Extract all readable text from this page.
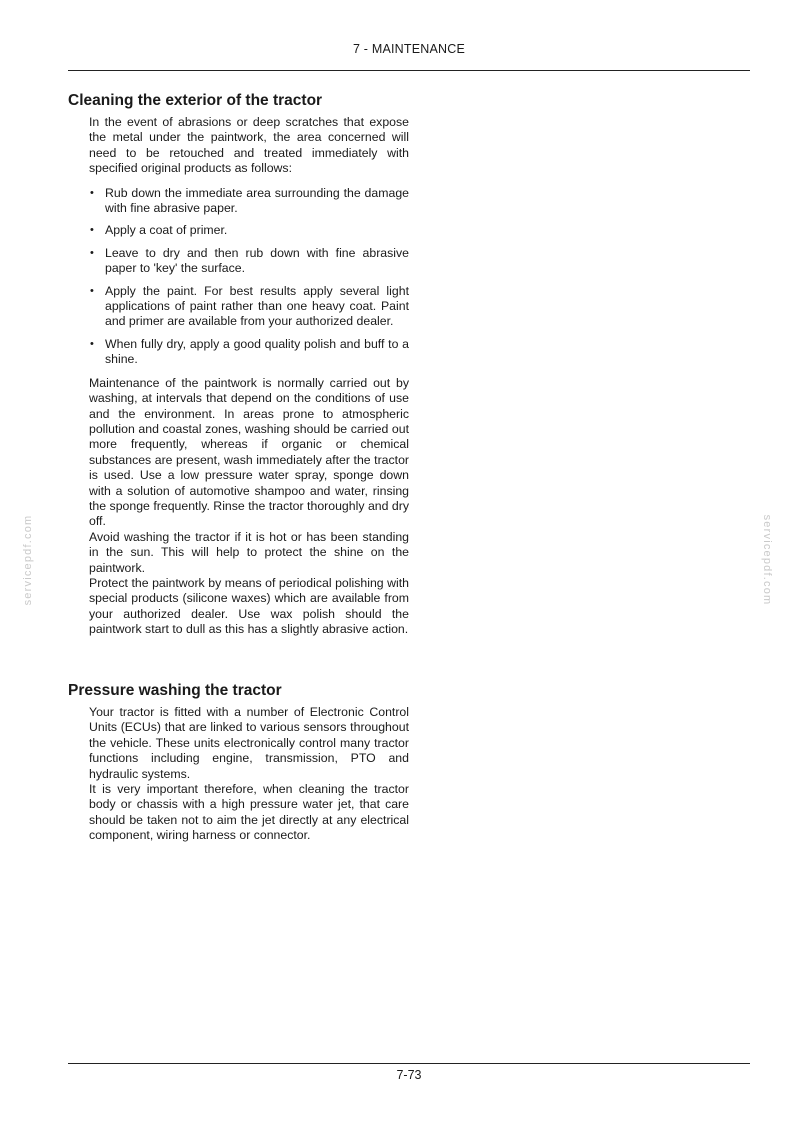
7 - MAINTENANCE
Cleaning the exterior of the tractor

In the event of abrasions or deep scratches that expose the metal under the paintwork, the area concerned will need to be retouched and treated immediately with specified original products as follows:

• Rub down the immediate area surrounding the damage with fine abrasive paper.
• Apply a coat of primer.
• Leave to dry and then rub down with fine abrasive paper to 'key' the surface.
• Apply the paint. For best results apply several light applications of paint rather than one heavy coat. Paint and primer are available from your authorized dealer.
• When fully dry, apply a good quality polish and buff to a shine.

Maintenance of the paintwork is normally carried out by washing, at intervals that depend on the conditions of use and the environment. In areas prone to atmospheric pollution and coastal zones, washing should be carried out more frequently, whereas if organic or chemical substances are present, wash immediately after the tractor is used. Use a low pressure water spray, sponge down with a solution of automotive shampoo and water, rinsing the sponge frequently. Rinse the tractor thoroughly and dry off.

Avoid washing the tractor if it is hot or has been standing in the sun. This will help to protect the shine on the paintwork.

Protect the paintwork by means of periodical polishing with special products (silicone waxes) which are available from your authorized dealer. Use wax polish should the paintwork start to dull as this has a slightly abrasive action.

Pressure washing the tractor

Your tractor is fitted with a number of Electronic Control Units (ECUs) that are linked to various sensors throughout the vehicle. These units electronically control many tractor functions including engine, transmission, PTO and hydraulic systems.

It is very important therefore, when cleaning the tractor body or chassis with a high pressure water jet, that care should be taken not to aim the jet directly at any electrical component, wiring harness or connector.

servicepdf.com	servicepdf.com
7-73
